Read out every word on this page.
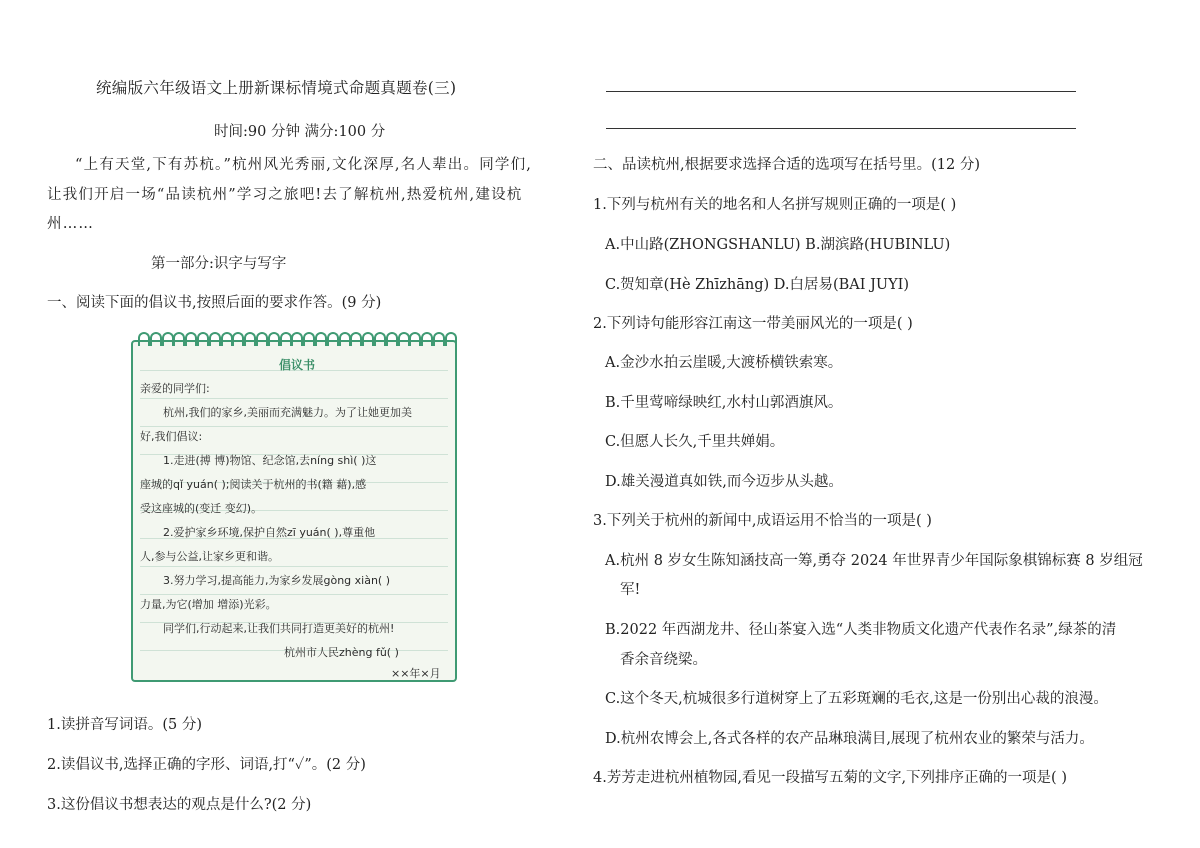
统编版六年级语文上册新课标情境式命题真题卷(三)
时间:90 分钟 满分:100 分
“上有天堂,下有苏杭。”杭州风光秀丽,文化深厚,名人辈出。同学们,
让我们开启一场“品读杭州”学习之旅吧!去了解杭州,热爱杭州,建设杭
州……
第一部分:识字与写字
一、阅读下面的倡议书,按照后面的要求作答。(9 分)
倡议书
亲爱的同学们:
杭州,我们的家乡,美丽而充满魅力。为了让她更加美
好,我们倡议:
1.走进(搏 博)物馆、纪念馆,去níng shì( )这
座城的qǐ yuán( );阅读关于杭州的书(籍 藉),感
受这座城的(变迁 变幻)。
2.爱护家乡环境,保护自然zī yuán( ),尊重他
人,参与公益,让家乡更和谐。
3.努力学习,提高能力,为家乡发展gòng xiàn( )
力量,为它(增加 增添)光彩。
同学们,行动起来,让我们共同打造更美好的杭州!
杭州市人民zhèng fǔ( )
××年×月
1.读拼音写词语。(5 分)
2.读倡议书,选择正确的字形、词语,打“✓”。(2 分)
3.这份倡议书想表达的观点是什么?(2 分)
二、品读杭州,根据要求选择合适的选项写在括号里。(12 分)
1.下列与杭州有关的地名和人名拼写规则正确的一项是( )
A.中山路(ZHONGSHANLU) B.湖滨路(HUBINLU)
C.贺知章(Hè Zhīzhāng) D.白居易(BAI JUYI)
2.下列诗句能形容江南这一带美丽风光的一项是( )
A.金沙水拍云崖暖,大渡桥横铁索寒。
B.千里莺啼绿映红,水村山郭酒旗风。
C.但愿人长久,千里共婵娟。
D.雄关漫道真如铁,而今迈步从头越。
3.下列关于杭州的新闻中,成语运用不恰当的一项是( )
A.杭州 8 岁女生陈知涵技高一筹,勇夺 2024 年世界青少年国际象棋锦标赛 8 岁组冠
军!
B.2022 年西湖龙井、径山茶宴入选“人类非物质文化遗产代表作名录”,绿茶的清
香余音绕梁。
C.这个冬天,杭城很多行道树穿上了五彩斑斓的毛衣,这是一份别出心裁的浪漫。
D.杭州农博会上,各式各样的农产品琳琅满目,展现了杭州农业的繁荣与活力。
4.芳芳走进杭州植物园,看见一段描写五菊的文字,下列排序正确的一项是( )
